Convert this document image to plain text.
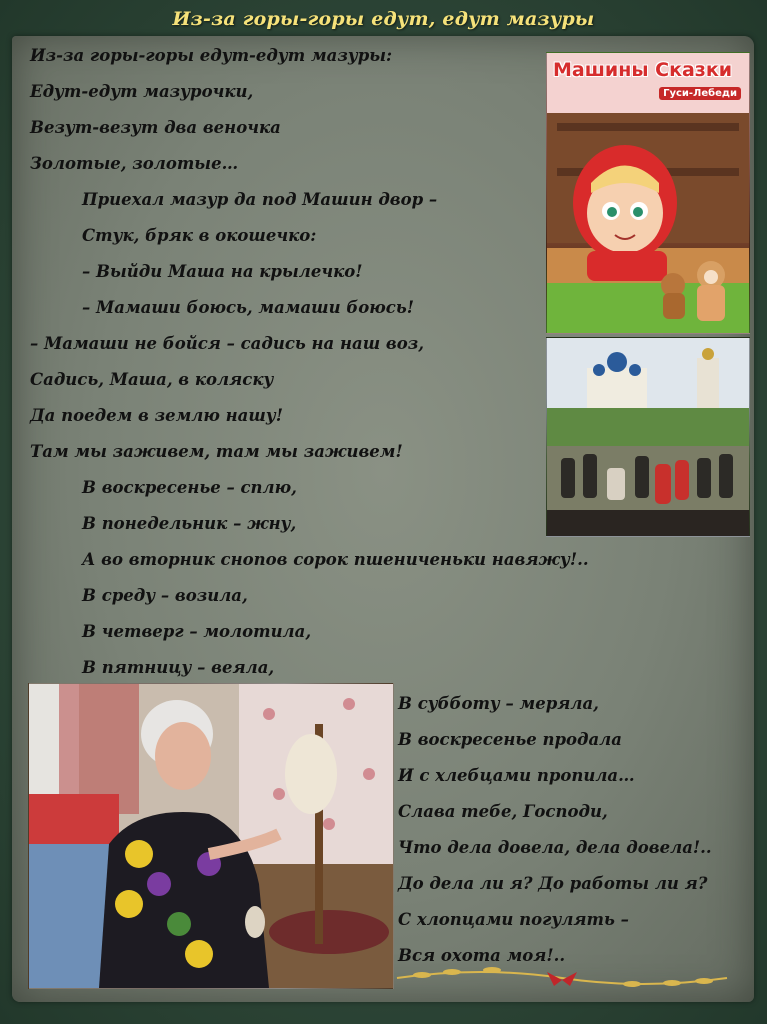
Из-за горы-горы едут, едут мазуры
Из-за горы-горы едут-едут мазуры:
Едут-едут мазурочки,
Везут-везут два веночка
Золотые, золотые…
Приехал мазур да под Машин двор –
Стук, бряк в окошечко:
– Выйди Маша на крылечко!
– Мамаши боюсь, мамаши боюсь!
– Мамаши не бойся – садись на наш воз,
Садись, Маша, в коляску
Да поедем в землю нашу!
Там мы заживем, там мы заживем!
В воскресенье – сплю,
В понедельник – жну,
А во вторник снопов сорок пшениченьки навяжу!..
В среду – возила,
В четверг – молотила,
В пятницу – веяла,
В субботу – меряла,
В воскресенье продала
И с хлебцами пропила…
Слава тебе, Господи,
Что дела довела, дела довела!..
До дела ли я? До работы ли я?
С хлопцами погулять –
Вся охота моя!..
Машины Сказки
Гуси-Лебеди
